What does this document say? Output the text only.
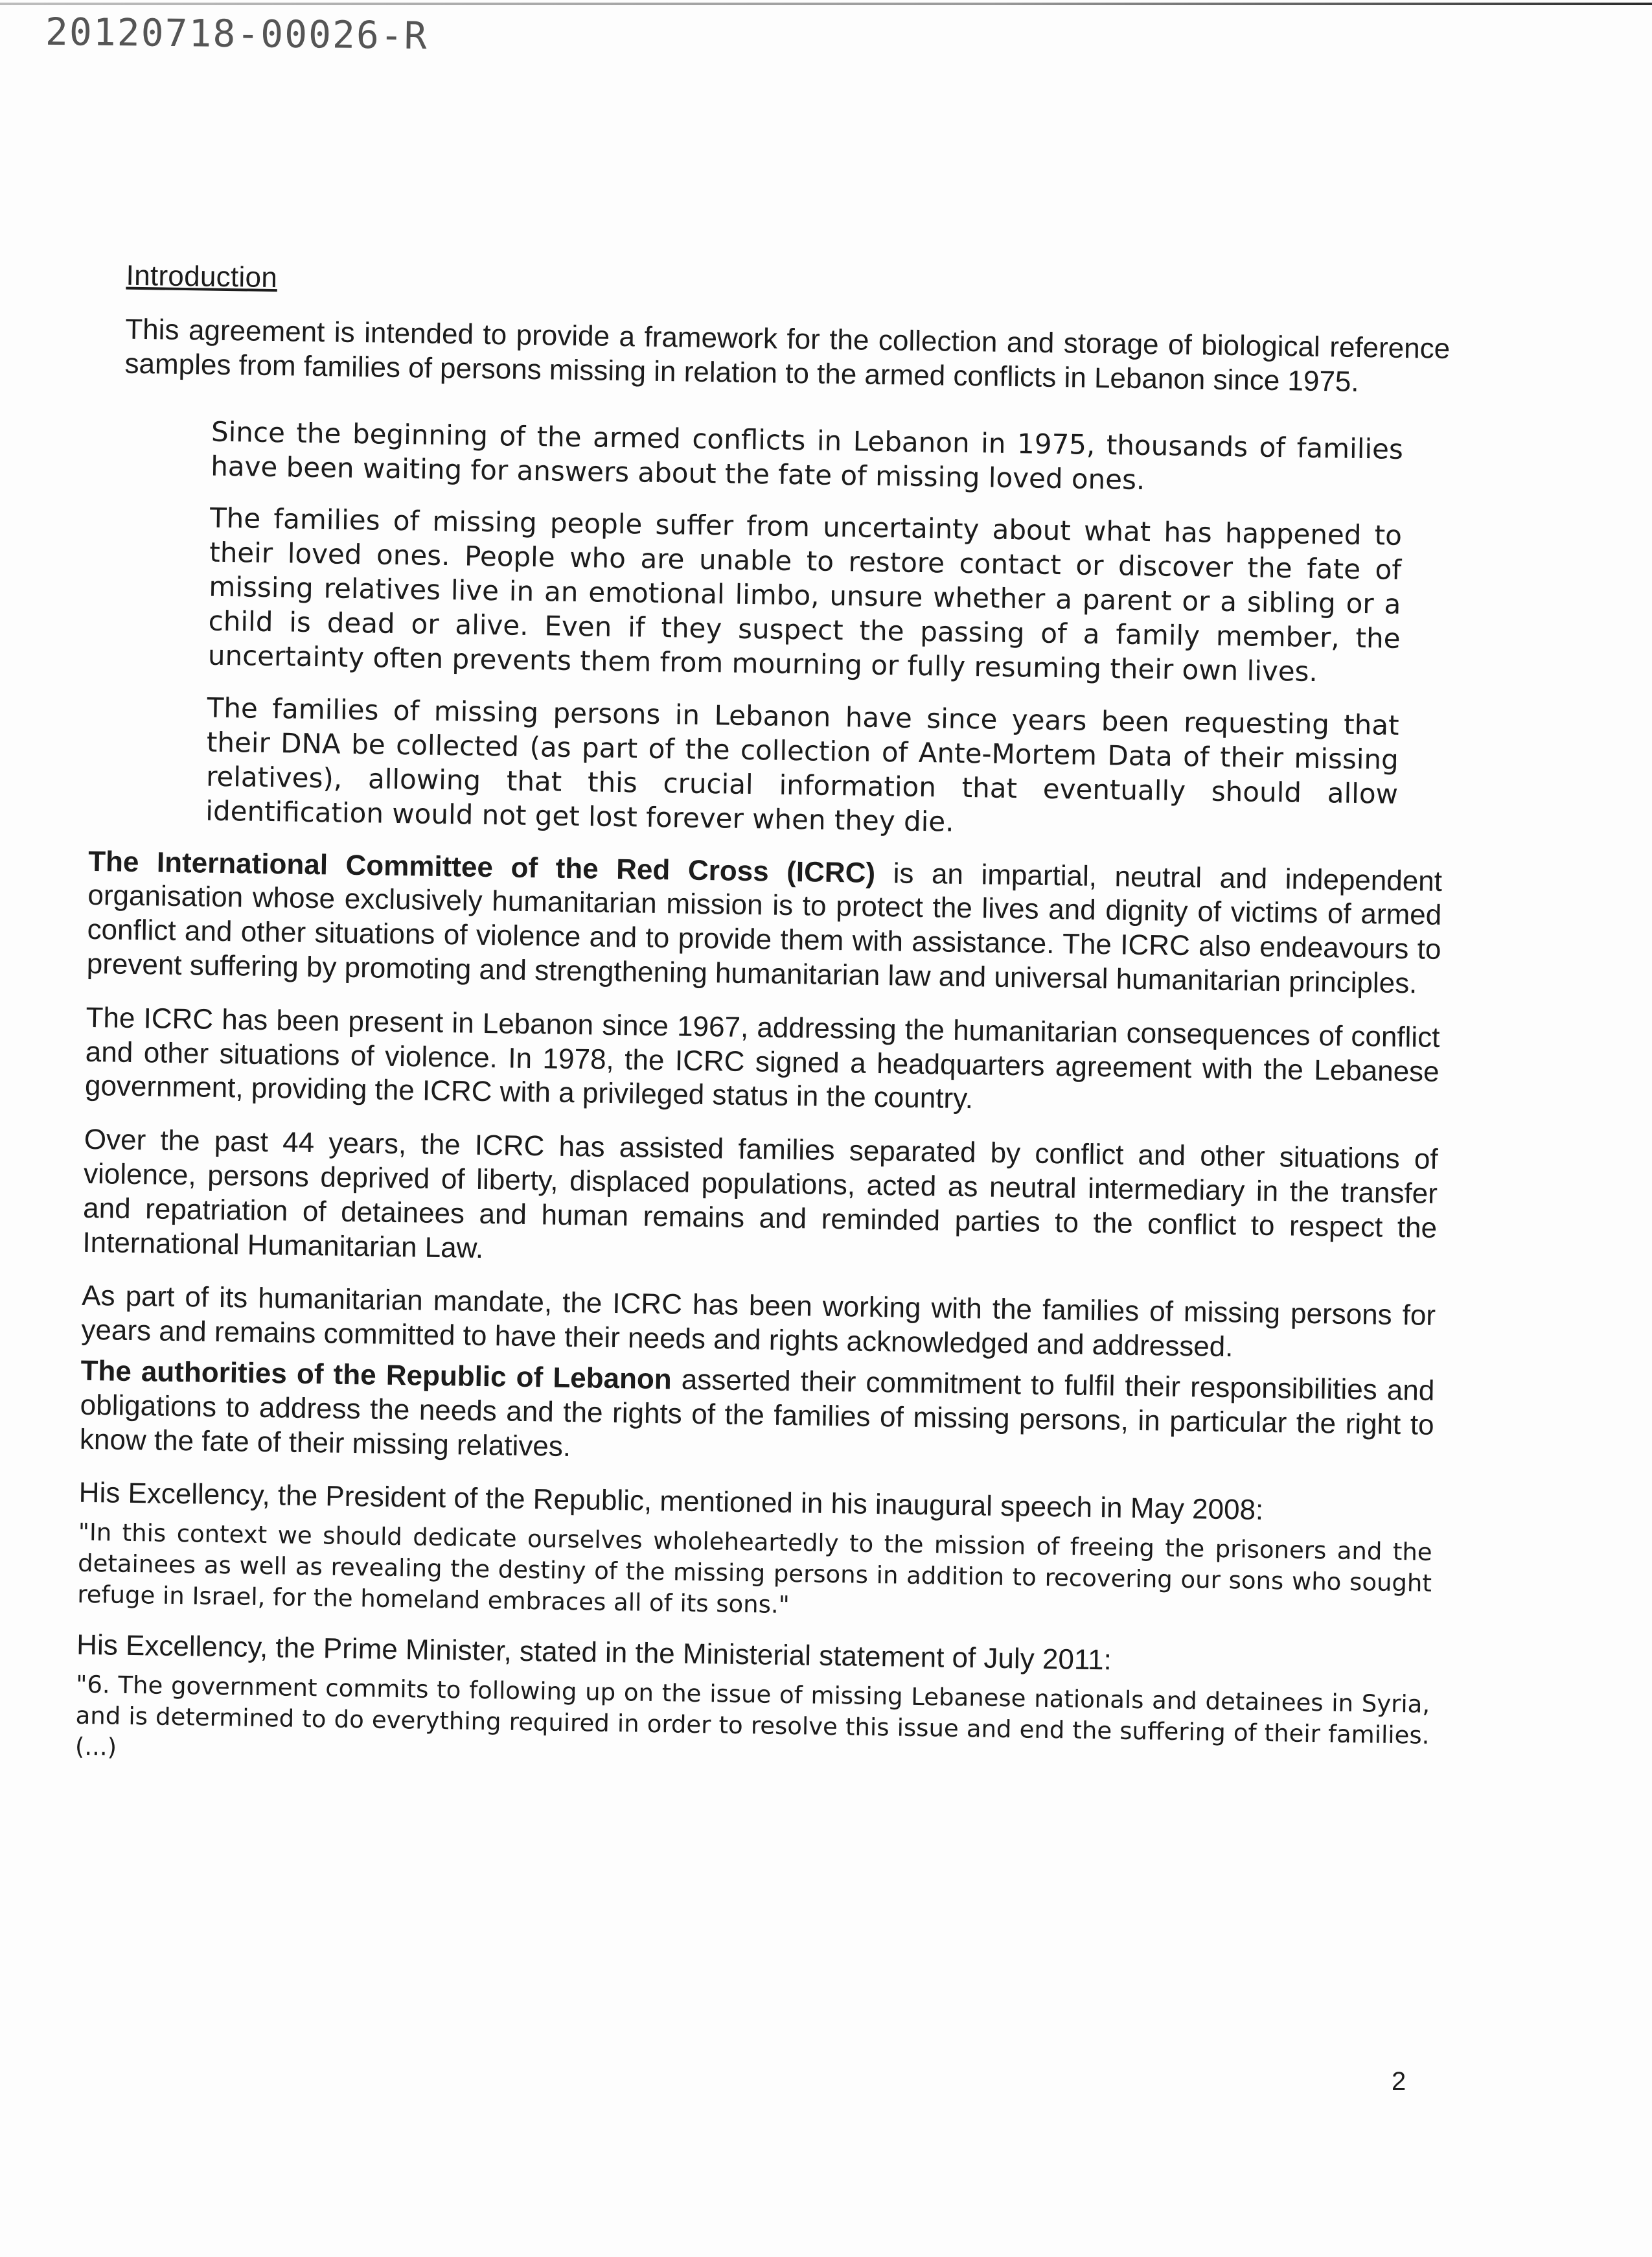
20120718-00026-R
Introduction

This agreement is intended to provide a framework for the collection and storage of biological reference samples from families of persons missing in relation to the armed conflicts in Lebanon since 1975.

Since the beginning of the armed conflicts in Lebanon in 1975, thousands of families have been waiting for answers about the fate of missing loved ones.

The families of missing people suffer from uncertainty about what has happened to their loved ones. People who are unable to restore contact or discover the fate of missing relatives live in an emotional limbo, unsure whether a parent or a sibling or a child is dead or alive. Even if they suspect the passing of a family member, the uncertainty often prevents them from mourning or fully resuming their own lives.

The families of missing persons in Lebanon have since years been requesting that their DNA be collected (as part of the collection of Ante-Mortem Data of their missing relatives), allowing that this crucial information that eventually should allow identification would not get lost forever when they die.

The International Committee of the Red Cross (ICRC) is an impartial, neutral and independent organisation whose exclusively humanitarian mission is to protect the lives and dignity of victims of armed conflict and other situations of violence and to provide them with assistance. The ICRC also endeavours to prevent suffering by promoting and strengthening humanitarian law and universal humanitarian principles.

The ICRC has been present in Lebanon since 1967, addressing the humanitarian consequences of conflict and other situations of violence. In 1978, the ICRC signed a headquarters agreement with the Lebanese government, providing the ICRC with a privileged status in the country.

Over the past 44 years, the ICRC has assisted families separated by conflict and other situations of violence, persons deprived of liberty, displaced populations, acted as neutral intermediary in the transfer and repatriation of detainees and human remains and reminded parties to the conflict to respect the International Humanitarian Law.

As part of its humanitarian mandate, the ICRC has been working with the families of missing persons for years and remains committed to have their needs and rights acknowledged and addressed.

The authorities of the Republic of Lebanon asserted their commitment to fulfil their responsibilities and obligations to address the needs and the rights of the families of missing persons, in particular the right to know the fate of their missing relatives.

His Excellency, the President of the Republic, mentioned in his inaugural speech in May 2008:

"In this context we should dedicate ourselves wholeheartedly to the mission of freeing the prisoners and the detainees as well as revealing the destiny of the missing persons in addition to recovering our sons who sought refuge in Israel, for the homeland embraces all of its sons."

His Excellency, the Prime Minister, stated in the Ministerial statement of July 2011:

"6. The government commits to following up on the issue of missing Lebanese nationals and detainees in Syria, and is determined to do everything required in order to resolve this issue and end the suffering of their families. (...)

2
